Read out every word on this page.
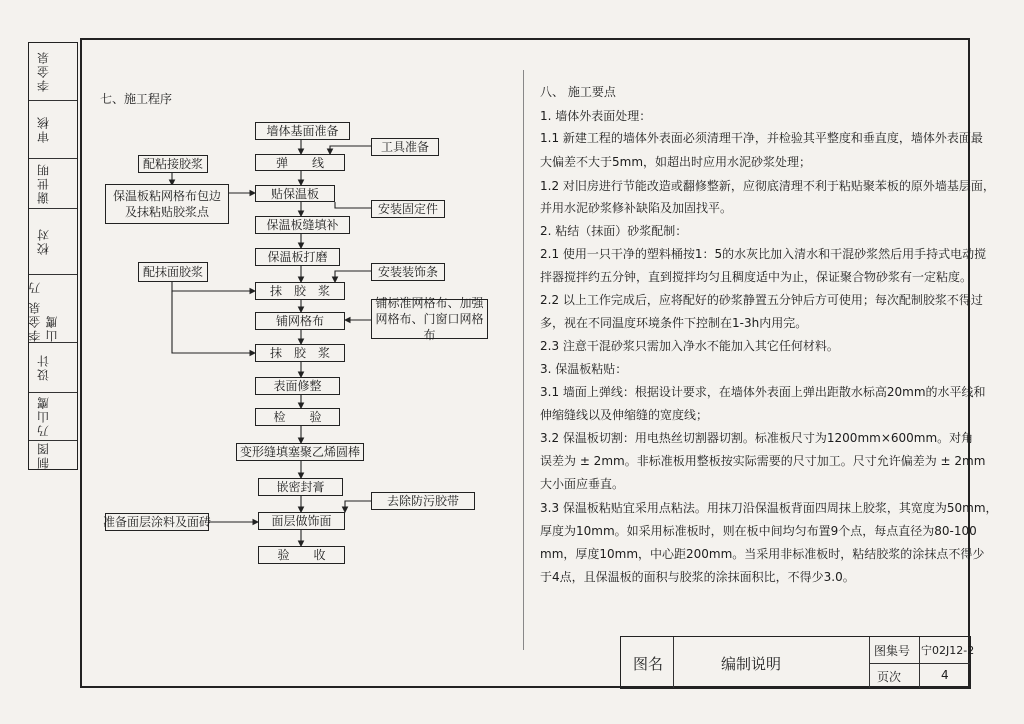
李金泉
审核
谢世明
校对
李金泉 乃山鹰
设计
乃山鹰
制图
七、施工程序
墙体基面准备
弹　　线
贴保温板
保温板缝填补
保温板打磨
抹　胶　浆
铺网格布
抹　胶　浆
表面修整
检　　验
变形缝填塞聚乙烯圆棒
嵌密封膏
面层做饰面
验　　收
配粘接胶浆
保温板粘网格布包边及抹粘贴胶浆点
配抹面胶浆
准备面层涂料及面砖
工具准备
安装固定件
安装装饰条
铺标准网格布、加强网格布、门窗口网格布
去除防污胶带
八、 施工要点
1. 墙体外表面处理：
1.1 新建工程的墙体外表面必须清理干净，并检验其平整度和垂直度，墙体外表面最
大偏差不大于5mm，如超出时应用水泥砂浆处理；
1.2 对旧房进行节能改造或翻修整新，应彻底清理不利于粘贴聚苯板的原外墙基层面，
并用水泥砂浆修补缺陷及加固找平。
2. 粘结（抹面）砂浆配制：
2.1 使用一只干净的塑料桶按1：5的水灰比加入清水和干混砂浆然后用手持式电动搅
拌器搅拌约五分钟，直到搅拌均匀且稠度适中为止，保证聚合物砂浆有一定粘度。
2.2 以上工作完成后，应将配好的砂浆静置五分钟后方可使用；每次配制胶浆不得过
多，视在不同温度环境条件下控制在1-3h内用完。
2.3 注意干混砂浆只需加入净水不能加入其它任何材料。
3. 保温板粘贴：
3.1 墙面上弹线：根据设计要求，在墙体外表面上弹出距散水标高20mm的水平线和
伸缩缝线以及伸缩缝的宽度线；
3.2 保温板切割：用电热丝切割器切割。标准板尺寸为1200mm×600mm。对角
误差为 ± 2mm。非标准板用整板按实际需要的尺寸加工。尺寸允许偏差为 ± 2mm
大小面应垂直。
3.3 保温板粘贴宜采用点粘法。用抹刀沿保温板背面四周抹上胶浆，其宽度为50mm，
厚度为10mm。如采用标准板时，则在板中间均匀布置9个点，每点直径为80-100
mm，厚度10mm，中心距200mm。当采用非标准板时，粘结胶浆的涂抹点不得少
于4点，且保温板的面积与胶浆的涂抹面积比，不得少3.0。
图名	编制说明
图集号 宁02J12-2
页次	4
